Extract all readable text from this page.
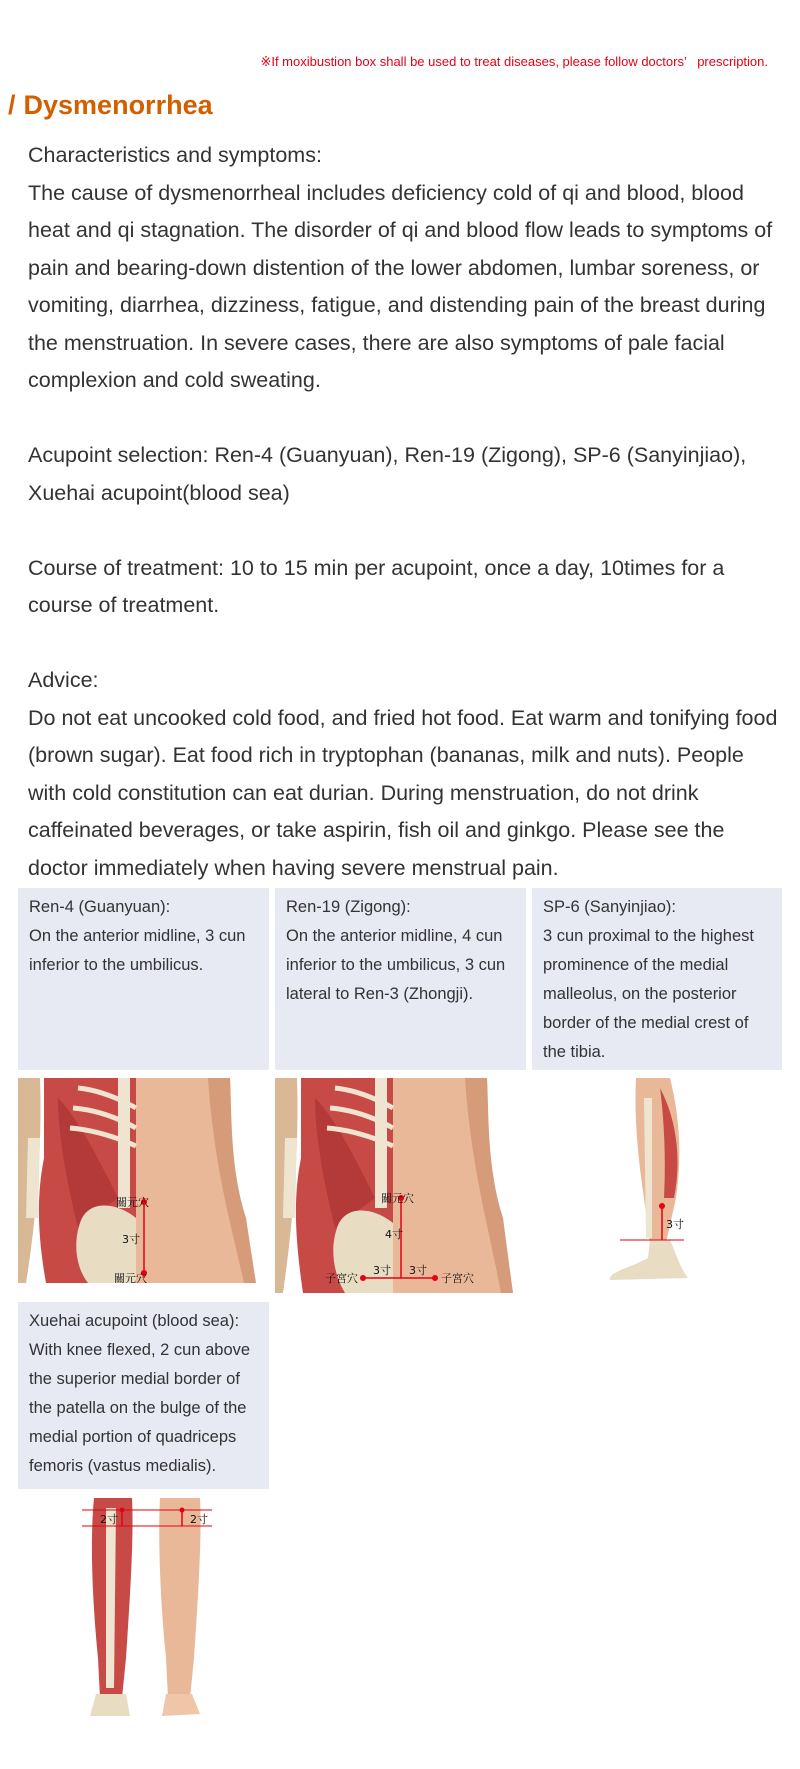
※If moxibustion box shall be used to treat diseases, please follow doctors’   prescription.
/ Dysmenorrhea

Characteristics and symptoms:

The cause of dysmenorrheal includes deficiency cold of qi and blood, blood heat and qi stagnation. The disorder of qi and blood flow leads to symptoms of pain and bearing-down distention of the lower abdomen, lumbar soreness, or vomiting, diarrhea, dizziness, fatigue, and distending pain of the breast during the menstruation. In severe cases, there are also symptoms of pale facial complexion and cold sweating.

Acupoint selection: Ren-4 (Guanyuan), Ren-19 (Zigong), SP-6 (Sanyinjiao), Xuehai acupoint(blood sea)

Course of treatment: 10 to 15 min per acupoint, once a day, 10times for a course of treatment.

Advice:

Do not eat uncooked cold food, and fried hot food. Eat warm and tonifying food (brown sugar). Eat food rich in tryptophan (bananas, milk and nuts). People with cold constitution can eat durian. During menstruation, do not drink caffeinated beverages, or take aspirin, fish oil and ginkgo. Please see the doctor immediately when having severe menstrual pain.

Ren-4 (Guanyuan):
On the anterior midline, 3 cun inferior to the umbilicus.
Ren-19 (Zigong):
On the anterior midline, 4 cun inferior to the umbilicus, 3 cun lateral to Ren-3 (Zhongji).
SP-6 (Sanyinjiao):
3 cun proximal to the highest prominence of the medial malleolus, on the posterior border of the medial crest of the tibia.
關元穴
3寸
關元穴
關元穴
4寸
3寸 3寸
子宮穴	子宮穴
3寸
Xuehai acupoint (blood sea):
With knee flexed, 2 cun above the superior medial border of the patella on the bulge of the medial portion of quadriceps femoris (vastus medialis).
2寸	2寸
